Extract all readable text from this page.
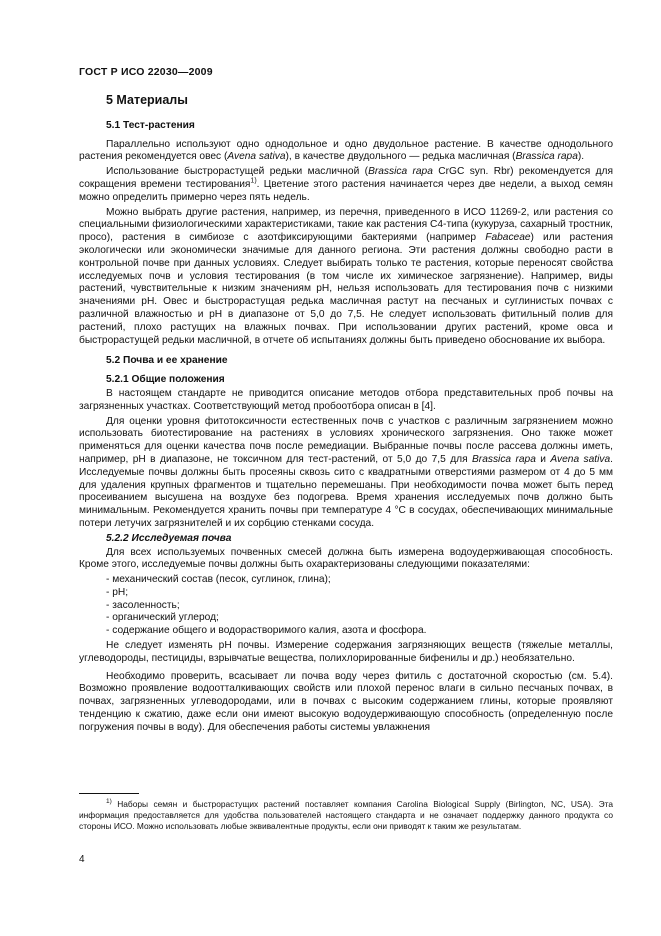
ГОСТ Р ИСО 22030—2009
5 Материалы
5.1 Тест-растения

Параллельно используют одно однодольное и одно двудольное растение. В качестве однодольного растения рекомендуется овес (Avena sativa), в качестве двудольного — редька масличная (Brassica rapa).

Использование быстрорастущей редьки масличной (Brassica rapa CrGC syn. Rbr) рекомендуется для сокращения времени тестирования$^{1)}$. Цветение этого растения начинается через две недели, а выход семян можно определить примерно через пять недель.

Можно выбрать другие растения, например, из перечня, приведенного в ИСО 11269-2, или растения со специальными физиологическими характеристиками, такие как растения С4-типа (кукуруза, сахарный тростник, просо), растения в симбиозе с азотфиксирующими бактериями (например Fabaceae) или растения экологически или экономически значимые для данного региона. Эти растения должны свободно расти в контрольной почве при данных условиях. Следует выбирать только те растения, которые переносят свойства исследуемых почв и условия тестирования (в том числе их химическое загрязнение). Например, виды растений, чувствительные к низким значениям pH, нельзя использовать для тестирования почв с низкими значениями pH. Овес и быстрорастущая редька масличная растут на песчаных и суглинистых почвах с различной влажностью и pH в диапазоне от 5,0 до 7,5. Не следует использовать фитильный полив для растений, плохо растущих на влажных почвах. При использовании других растений, кроме овса и быстрорастущей редьки масличной, в отчете об испытаниях должны быть приведено обоснование их выбора.

5.2 Почва и ее хранение
5.2.1 Общие положения

В настоящем стандарте не приводится описание методов отбора представительных проб почвы на загрязненных участках. Соответствующий метод пробоотбора описан в [4].

Для оценки уровня фитотоксичности естественных почв с участков с различным загрязнением можно использовать биотестирование на растениях в условиях хронического загрязнения. Оно также может применяться для оценки качества почв после ремедиации. Выбранные почвы после рассева должны иметь, например, pH в диапазоне, не токсичном для тест-растений, от 5,0 до 7,5 для Brassica rapa и Avena sativa. Исследуемые почвы должны быть просеяны сквозь сито с квадратными отверстиями размером от 4 до 5 мм для удаления крупных фрагментов и тщательно перемешаны. При необходимости почва может быть перед просеиванием высушена на воздухе без подогрева. Время хранения исследуемых почв должно быть минимальным. Рекомендуется хранить почвы при температуре 4 °С в сосудах, обеспечивающих минимальные потери летучих загрязнителей и их сорбцию стенками сосуда.

5.2.2 Исследуемая почва

Для всех используемых почвенных смесей должна быть измерена водоудерживающая способность. Кроме этого, исследуемые почвы должны быть охарактеризованы следующими показателями:

- механический состав (песок, суглинок, глина);
- pH;
- засоленность;
- органический углерод;
- содержание общего и водорастворимого калия, азота и фосфора.

Не следует изменять pH почвы. Измерение содержания загрязняющих веществ (тяжелые металлы, углеводороды, пестициды, взрывчатые вещества, полихлорированные бифенилы и др.) необязательно.

Необходимо проверить, всасывает ли почва воду через фитиль с достаточной скоростью (см. 5.4). Возможно проявление водоотталкивающих свойств или плохой перенос влаги в сильно песчаных почвах, в почвах, загрязненных углеводородами, или в почвах с высоким содержанием глины, которые проявляют тенденцию к сжатию, даже если они имеют высокую водоудерживающую способность (определенную после погружения почвы в воду). Для обеспечения работы системы увлажнения

$^{1)}$ Наборы семян и быстрорастущих растений поставляет компания Carolina Biological Supply (Birlington, NC, USA). Эта информация предоставляется для удобства пользователей настоящего стандарта и не означает поддержку данного продукта со стороны ИСО. Можно использовать любые эквивалентные продукты, если они приводят к таким же результатам.
4
